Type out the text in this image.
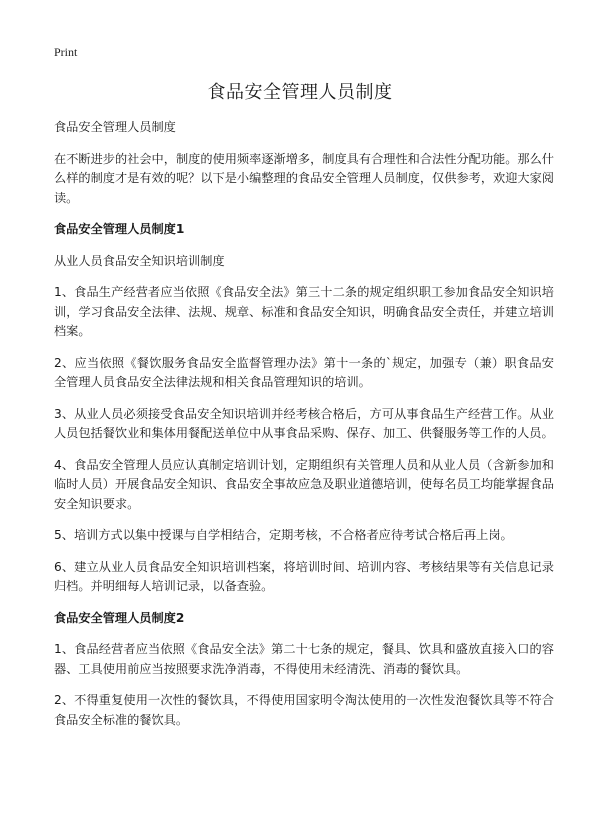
Print
食品安全管理人员制度

食品安全管理人员制度

在不断进步的社会中，制度的使用频率逐渐增多，制度具有合理性和合法性分配功能。那么什么样的制度才是有效的呢？以下是小编整理的食品安全管理人员制度，仅供参考，欢迎大家阅读。

食品安全管理人员制度1

从业人员食品安全知识培训制度

1、食品生产经营者应当依照《食品安全法》第三十二条的规定组织职工参加食品安全知识培训，学习食品安全法律、法规、规章、标准和食品安全知识，明确食品安全责任，并建立培训档案。

2、应当依照《餐饮服务食品安全监督管理办法》第十一条的`规定，加强专（兼）职食品安全管理人员食品安全法律法规和相关食品管理知识的培训。

3、从业人员必须接受食品安全知识培训并经考核合格后，方可从事食品生产经营工作。从业人员包括餐饮业和集体用餐配送单位中从事食品采购、保存、加工、供餐服务等工作的人员。

4、食品安全管理人员应认真制定培训计划，定期组织有关管理人员和从业人员（含新参加和临时人员）开展食品安全知识、食品安全事故应急及职业道德培训，使每名员工均能掌握食品安全知识要求。

5、培训方式以集中授课与自学相结合，定期考核，不合格者应待考试合格后再上岗。

6、建立从业人员食品安全知识培训档案，将培训时间、培训内容、考核结果等有关信息记录归档。并明细每人培训记录，以备查验。

食品安全管理人员制度2

1、食品经营者应当依照《食品安全法》第二十七条的规定，餐具、饮具和盛放直接入口的容器、工具使用前应当按照要求洗净消毒，不得使用未经清洗、消毒的餐饮具。

2、不得重复使用一次性的餐饮具，不得使用国家明令淘汰使用的一次性发泡餐饮具等不符合食品安全标准的餐饮具。
